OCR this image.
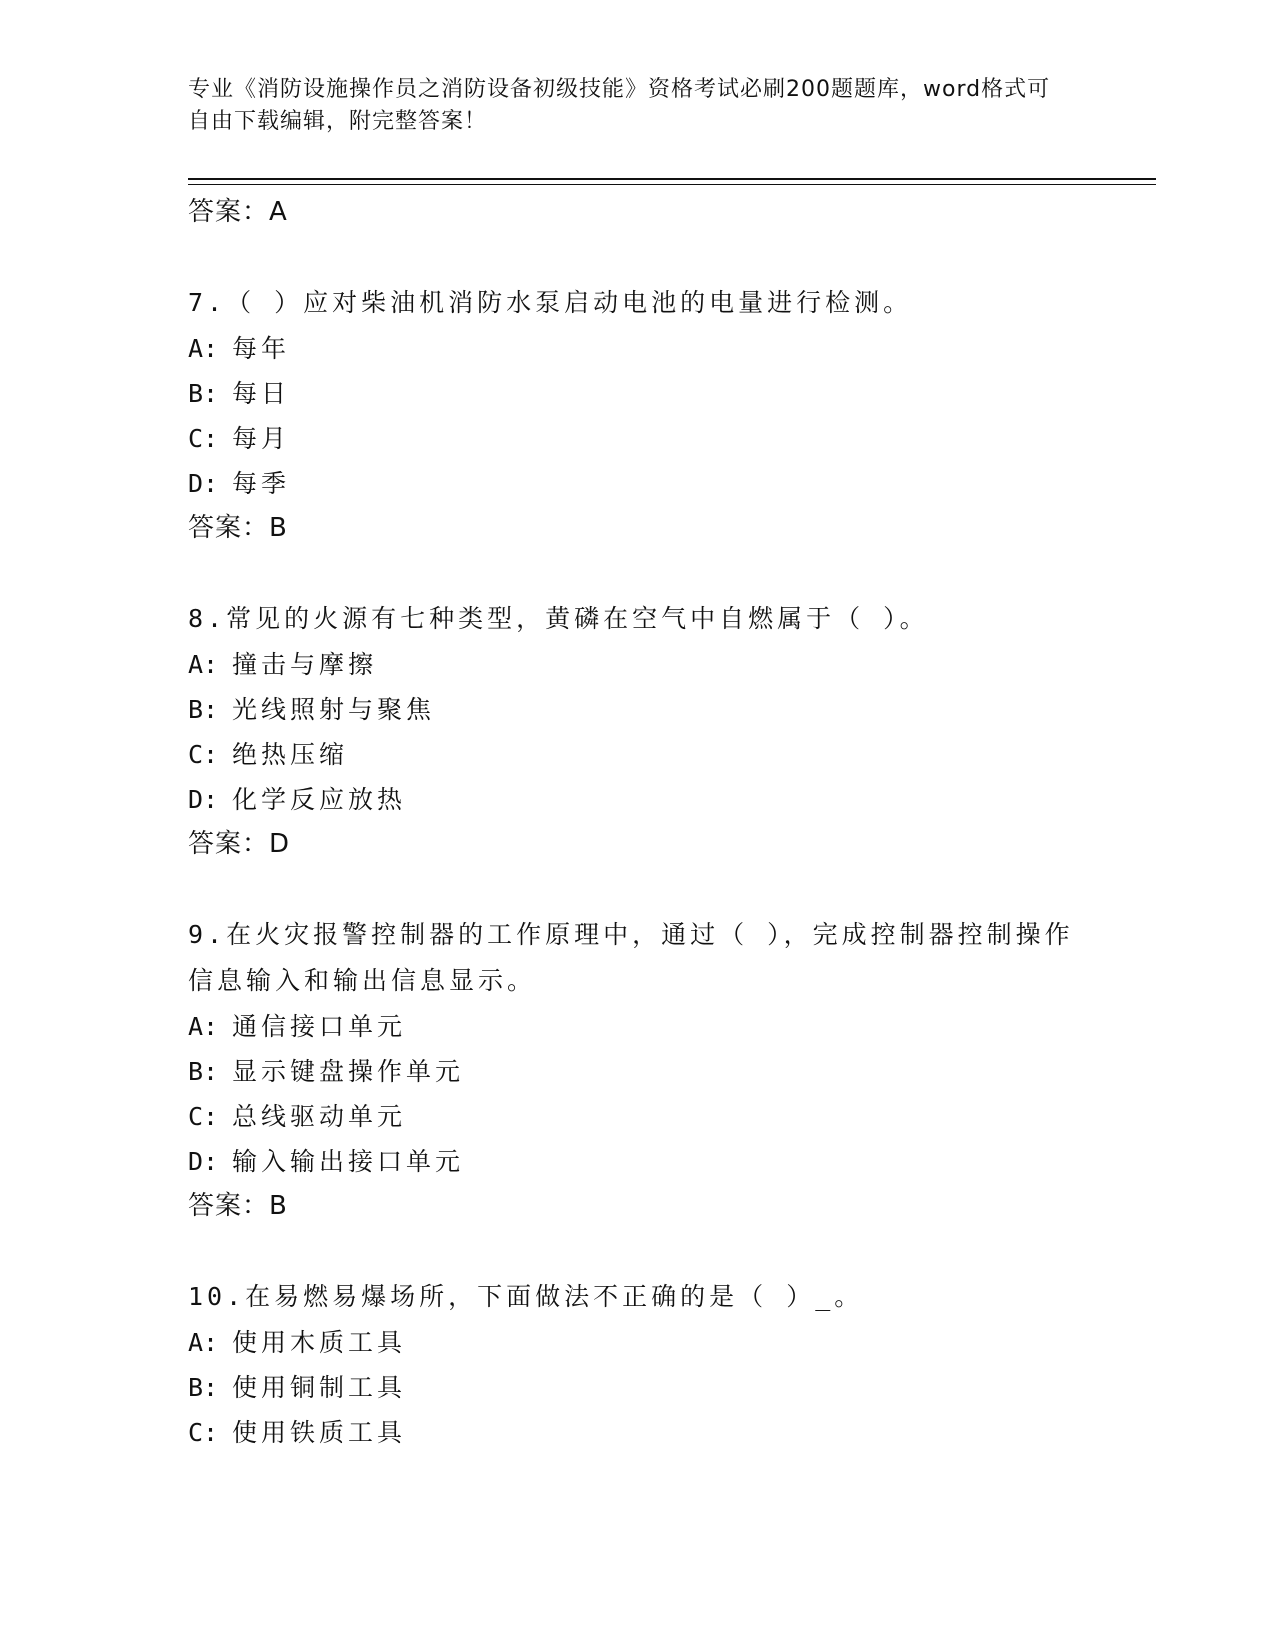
专业《消防设施操作员之消防设备初级技能》资格考试必刷200题题库，word格式可自由下载编辑，附完整答案！
答案：A
7.（ ）应对柴油机消防水泵启动电池的电量进行检测。
A: 每年
B: 每日
C: 每月
D: 每季
答案：B
8.常见的火源有七种类型，黄磷在空气中自燃属于（ ）。
A: 撞击与摩擦
B: 光线照射与聚焦
C: 绝热压缩
D: 化学反应放热
答案：D
9.在火灾报警控制器的工作原理中，通过（ ），完成控制器控制操作信息输入和输出信息显示。
A: 通信接口单元
B: 显示键盘操作单元
C: 总线驱动单元
D: 输入输出接口单元
答案：B
10.在易燃易爆场所，下面做法不正确的是（ ）_。
A: 使用木质工具
B: 使用铜制工具
C: 使用铁质工具
